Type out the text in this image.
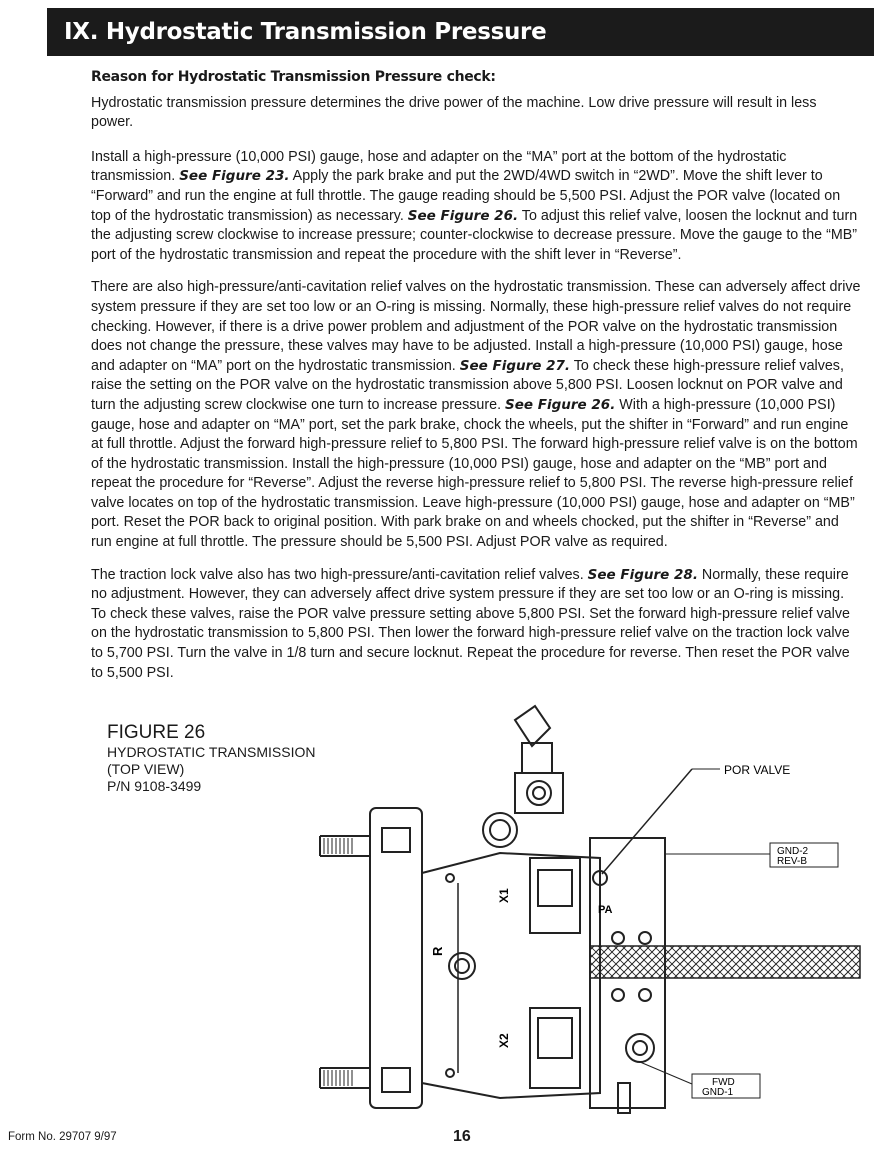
IX. Hydrostatic Transmission Pressure
Reason for Hydrostatic Transmission Pressure check:

Hydrostatic transmission pressure determines the drive power of the machine. Low drive pressure will result in less power.

Install a high-pressure (10,000 PSI) gauge, hose and adapter on the “MA” port at the bottom of the hydrostatic transmission. See Figure 23. Apply the park brake and put the 2WD/4WD switch in “2WD”. Move the shift lever to “Forward” and run the engine at full throttle. The gauge reading should be 5,500 PSI. Adjust the POR valve (located on top of the hydrostatic transmission) as necessary. See Figure 26. To adjust this relief valve, loosen the locknut and turn the adjusting screw clockwise to increase pressure; counter-clockwise to decrease pressure. Move the gauge to the “MB” port of the hydrostatic transmission and repeat the procedure with the shift lever in “Reverse”.

There are also high-pressure/anti-cavitation relief valves on the hydrostatic transmission. These can adversely affect drive system pressure if they are set too low or an O-ring is missing. Normally, these high-pressure relief valves do not require checking. However, if there is a drive power problem and adjustment of the POR valve on the hydrostatic transmission does not change the pressure, these valves may have to be adjusted. Install a high-pressure (10,000 PSI) gauge, hose and adapter on “MA” port on the hydrostatic transmission. See Figure 27. To check these high-pressure relief valves, raise the setting on the POR valve on the hydrostatic transmission above 5,800 PSI. Loosen locknut on POR valve and turn the adjusting screw clockwise one turn to increase pressure. See Figure 26. With a high-pressure (10,000 PSI) gauge, hose and adapter on “MA” port, set the park brake, chock the wheels, put the shifter in “Forward” and run engine at full throttle. Adjust the forward high-pressure relief to 5,800 PSI. The forward high-pressure relief valve is on the bottom of the hydrostatic transmission. Install the high-pressure (10,000 PSI) gauge, hose and adapter on the “MB” port and repeat the procedure for “Reverse”. Adjust the reverse high-pressure relief to 5,800 PSI. The reverse high-pressure relief valve locates on top of the hydrostatic transmission. Leave high-pressure (10,000 PSI) gauge, hose and adapter on “MB” port. Reset the POR back to original position. With park brake on and wheels chocked, put the shifter in “Reverse” and run engine at full throttle. The pressure should be 5,500 PSI. Adjust POR valve as required.

The traction lock valve also has two high-pressure/anti-cavitation relief valves. See Figure 28. Normally, these require no adjustment. However, they can adversely affect drive system pressure if they are set too low or an O-ring is missing. To check these valves, raise the POR valve pressure setting above 5,800 PSI. Set the forward high-pressure relief valve on the hydrostatic transmission to 5,800 PSI. Then lower the forward high-pressure relief valve on the traction lock valve to 5,700 PSI. Turn the valve in 1/8 turn and secure locknut. Repeat the procedure for reverse. Then reset the POR valve to 5,500 PSI.

FIGURE 26
HYDROSTATIC TRANSMISSION
(TOP VIEW)
P/N 9108-3499
POR VALVE
GND-2
REV-B
FWD
GND-1
R
X1
X2
PA
Form No. 29707 9/97	16
